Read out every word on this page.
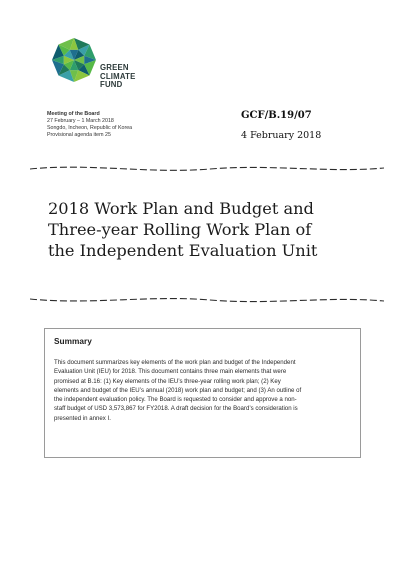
GREEN
CLIMATE
FUND
Meeting of the Board
27 February – 1 March 2018
Songdo, Incheon, Republic of Korea
Provisional agenda item 25
GCF/B.19/07
4 February 2018
2018 Work Plan and Budget and
Three-year Rolling Work Plan of
the Independent Evaluation Unit
Summary
This document summarizes key elements of the work plan and budget of the Independent
Evaluation Unit (IEU) for 2018. This document contains three main elements that were
promised at B.16: (1) Key elements of the IEU’s three-year rolling work plan; (2) Key
elements and budget of the IEU’s annual (2018) work plan and budget; and (3) An outline of
the independent evaluation policy. The Board is requested to consider and approve a non-
staff budget of USD 3,573,867 for FY2018. A draft decision for the Board’s consideration is
presented in annex I.
